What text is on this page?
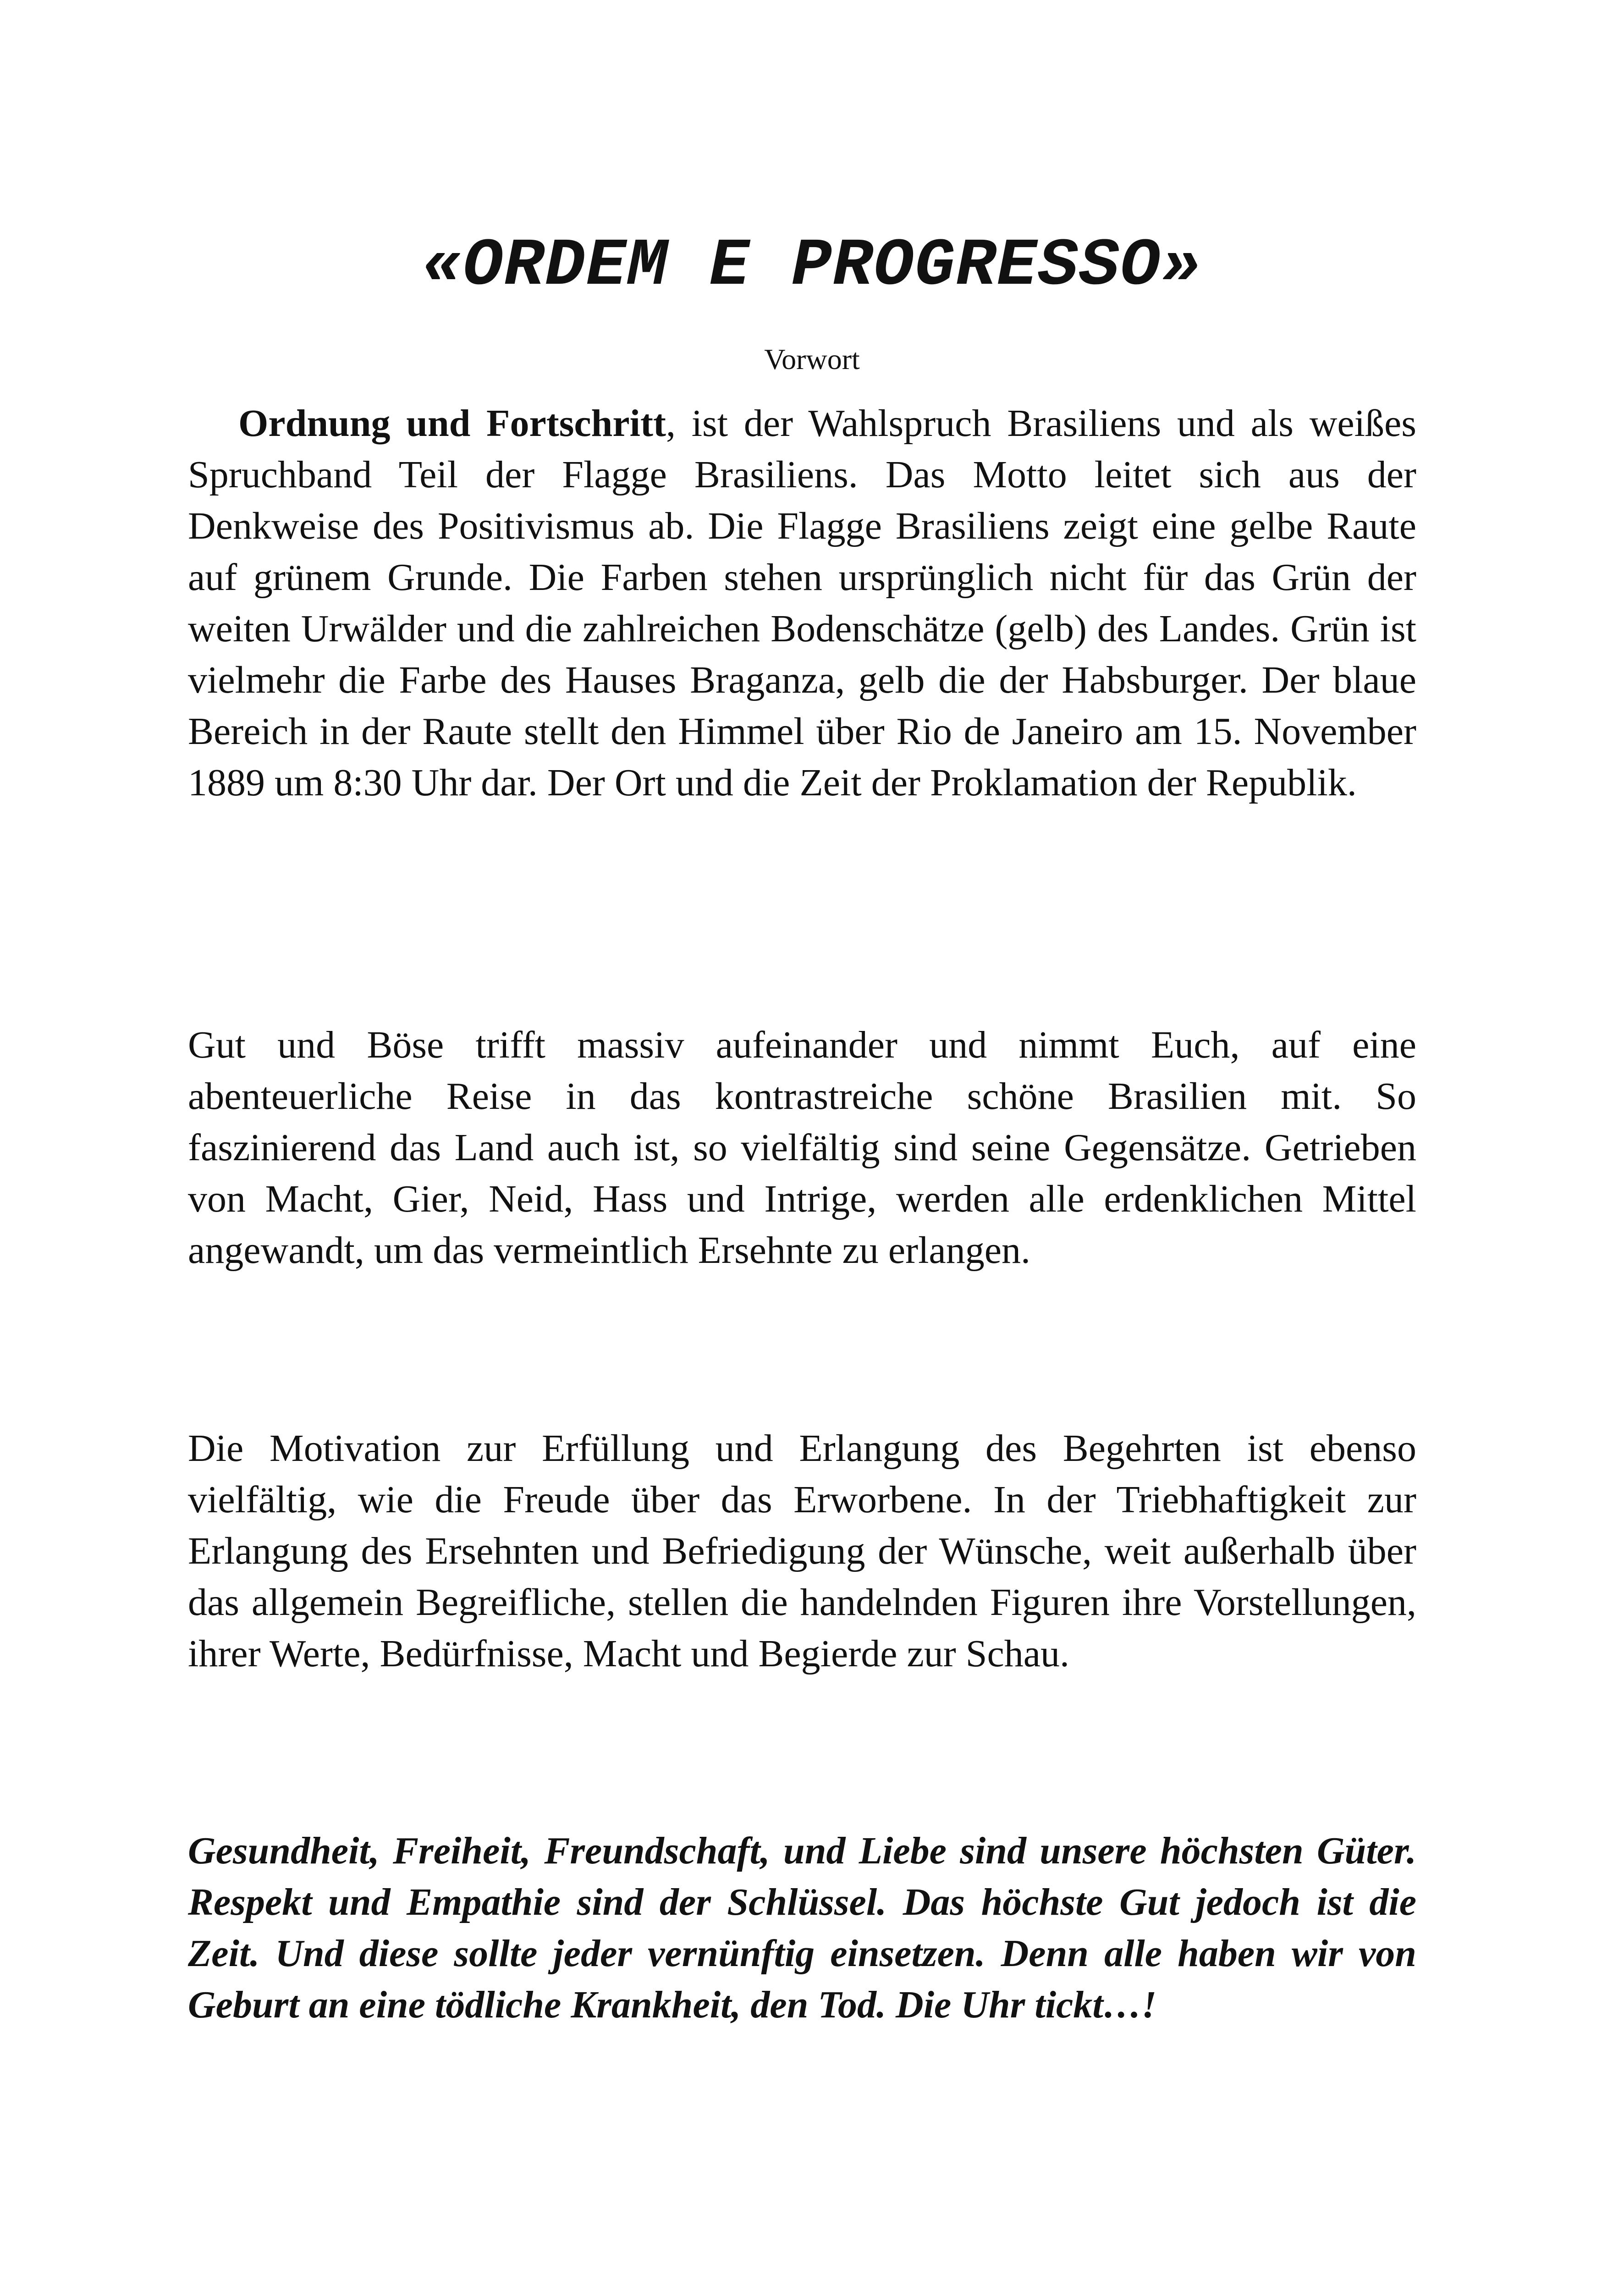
«ORDEM E PROGRESSO»

Vorwort

Ordnung und Fortschritt, ist der Wahlspruch Brasiliens und als weißes Spruchband Teil der Flagge Brasiliens. Das Motto leitet sich aus der Denkweise des Positivismus ab. Die Flagge Brasiliens zeigt eine gelbe Raute auf grünem Grunde. Die Farben stehen ursprünglich nicht für das Grün der weiten Urwälder und die zahlreichen Bodenschätze (gelb) des Landes. Grün ist vielmehr die Farbe des Hauses Braganza, gelb die der Habsburger. Der blaue Bereich in der Raute stellt den Himmel über Rio de Janeiro am 15. November 1889 um 8:30 Uhr dar. Der Ort und die Zeit der Proklamation der Republik.

Gut und Böse trifft massiv aufeinander und nimmt Euch, auf eine abenteuerliche Reise in das kontrastreiche schöne Brasilien mit. So faszinierend das Land auch ist, so vielfältig sind seine Gegensätze. Getrieben von Macht, Gier, Neid, Hass und Intrige, werden alle erdenklichen Mittel angewandt, um das vermeintlich Ersehnte zu erlangen.

Die Motivation zur Erfüllung und Erlangung des Begehrten ist ebenso vielfältig, wie die Freude über das Erworbene. In der Triebhaftigkeit zur Erlangung des Ersehnten und Befriedigung der Wünsche, weit außerhalb über das allgemein Begreifliche, stellen die handelnden Figuren ihre Vorstellungen, ihrer Werte, Bedürfnisse, Macht und Begierde zur Schau.

Gesundheit, Freiheit, Freundschaft, und Liebe sind unsere höchsten Güter. Respekt und Empathie sind der Schlüssel. Das höchste Gut jedoch ist die Zeit. Und diese sollte jeder vernünftig einsetzen. Denn alle haben wir von Geburt an eine tödliche Krankheit, den Tod. Die Uhr tickt…!
